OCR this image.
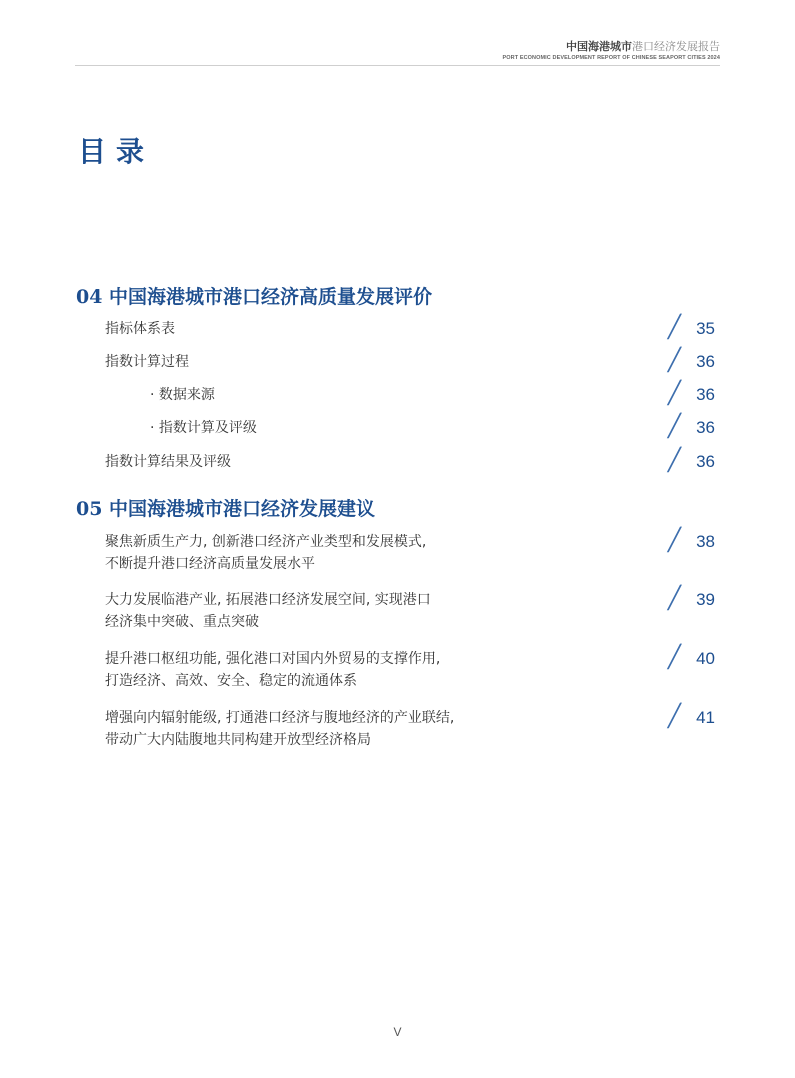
中国海港城市港口经济发展报告
PORT ECONOMIC DEVELOPMENT REPORT OF CHINESE SEAPORT CITIES 2024
目录
04 中国海港城市港口经济高质量发展评价
指标体系表	╱ 35
指数计算过程	╱ 36
· 数据来源	╱ 36
· 指数计算及评级	╱ 36
指数计算结果及评级	╱ 36
05 中国海港城市港口经济发展建议
聚焦新质生产力, 创新港口经济产业类型和发展模式,
不断提升港口经济高质量发展水平
╱ 38
大力发展临港产业, 拓展港口经济发展空间, 实现港口
经济集中突破、重点突破
╱ 39
提升港口枢纽功能, 强化港口对国内外贸易的支撑作用,
打造经济、高效、安全、稳定的流通体系
╱ 40
增强向内辐射能级, 打通港口经济与腹地经济的产业联结,
带动广大内陆腹地共同构建开放型经济格局
╱ 41
V
